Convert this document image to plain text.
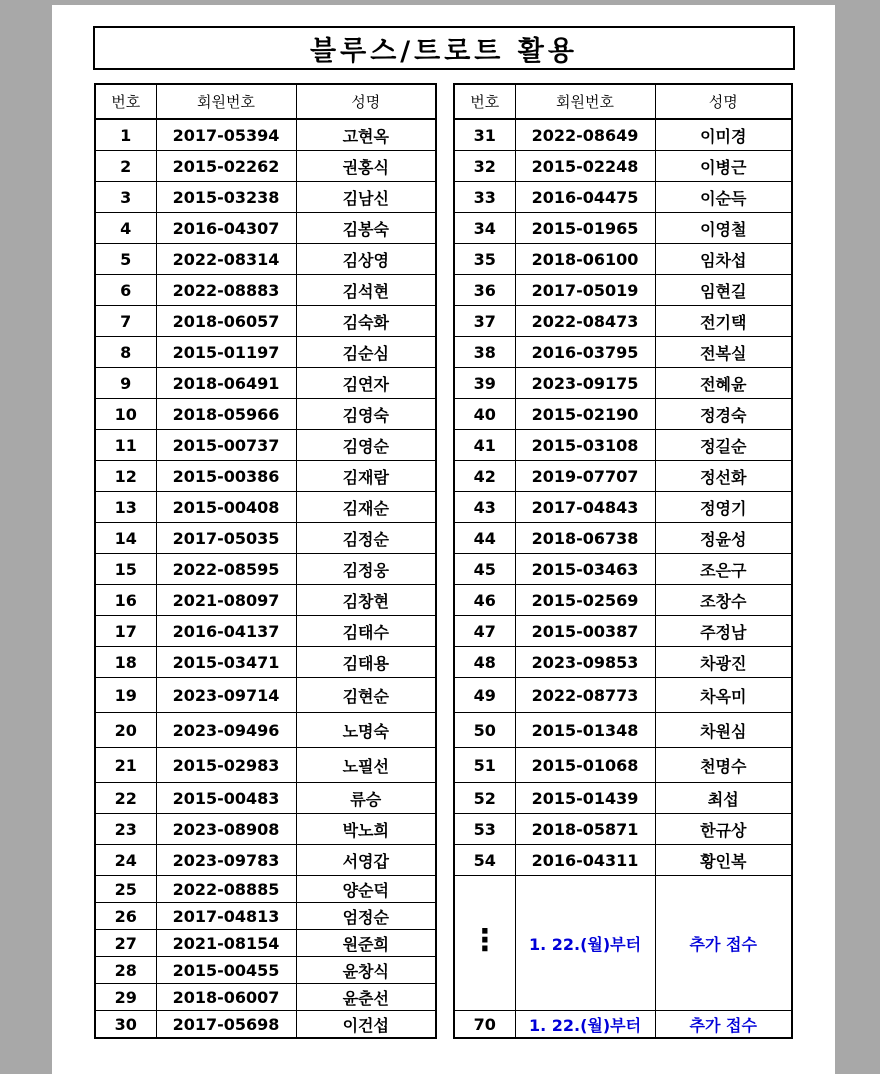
블루스/트로트 활용
번호	회원번호	성명
1	2017-05394	고현옥
2	2015-02262	권홍식
3	2015-03238	김남신
4	2016-04307	김봉숙
5	2022-08314	김상영
6	2022-08883	김석현
7	2018-06057	김숙화
8	2015-01197	김순심
9	2018-06491	김연자
10	2018-05966	김영숙
11	2015-00737	김영순
12	2015-00386	김재람
13	2015-00408	김재순
14	2017-05035	김정순
15	2022-08595	김정웅
16	2021-08097	김창현
17	2016-04137	김태수
18	2015-03471	김태용
19	2023-09714	김현순
20	2023-09496	노명숙
21	2015-02983	노필선
22	2015-00483	류승
23	2023-08908	박노희
24	2023-09783	서영갑
25	2022-08885	양순덕
26	2017-04813	엄정순
27	2021-08154	원준희
28	2015-00455	윤창식
29	2018-06007	윤춘선
30	2017-05698	이건섭
번호	회원번호	성명
31	2022-08649	이미경
32	2015-02248	이병근
33	2016-04475	이순득
34	2015-01965	이영철
35	2018-06100	임차섭
36	2017-05019	임현길
37	2022-08473	전기택
38	2016-03795	전복실
39	2023-09175	전혜윤
40	2015-02190	정경숙
41	2015-03108	정길순
42	2019-07707	정선화
43	2017-04843	정영기
44	2018-06738	정윤성
45	2015-03463	조은구
46	2015-02569	조창수
47	2015-00387	주정남
48	2023-09853	차광진
49	2022-08773	차옥미
50	2015-01348	차원심
51	2015-01068	천명수
52	2015-01439	최섭
53	2018-05871	한규상
54	2016-04311	황인복
⋮	1. 22.(월)부터	추가 접수
70	1. 22.(월)부터	추가 접수
